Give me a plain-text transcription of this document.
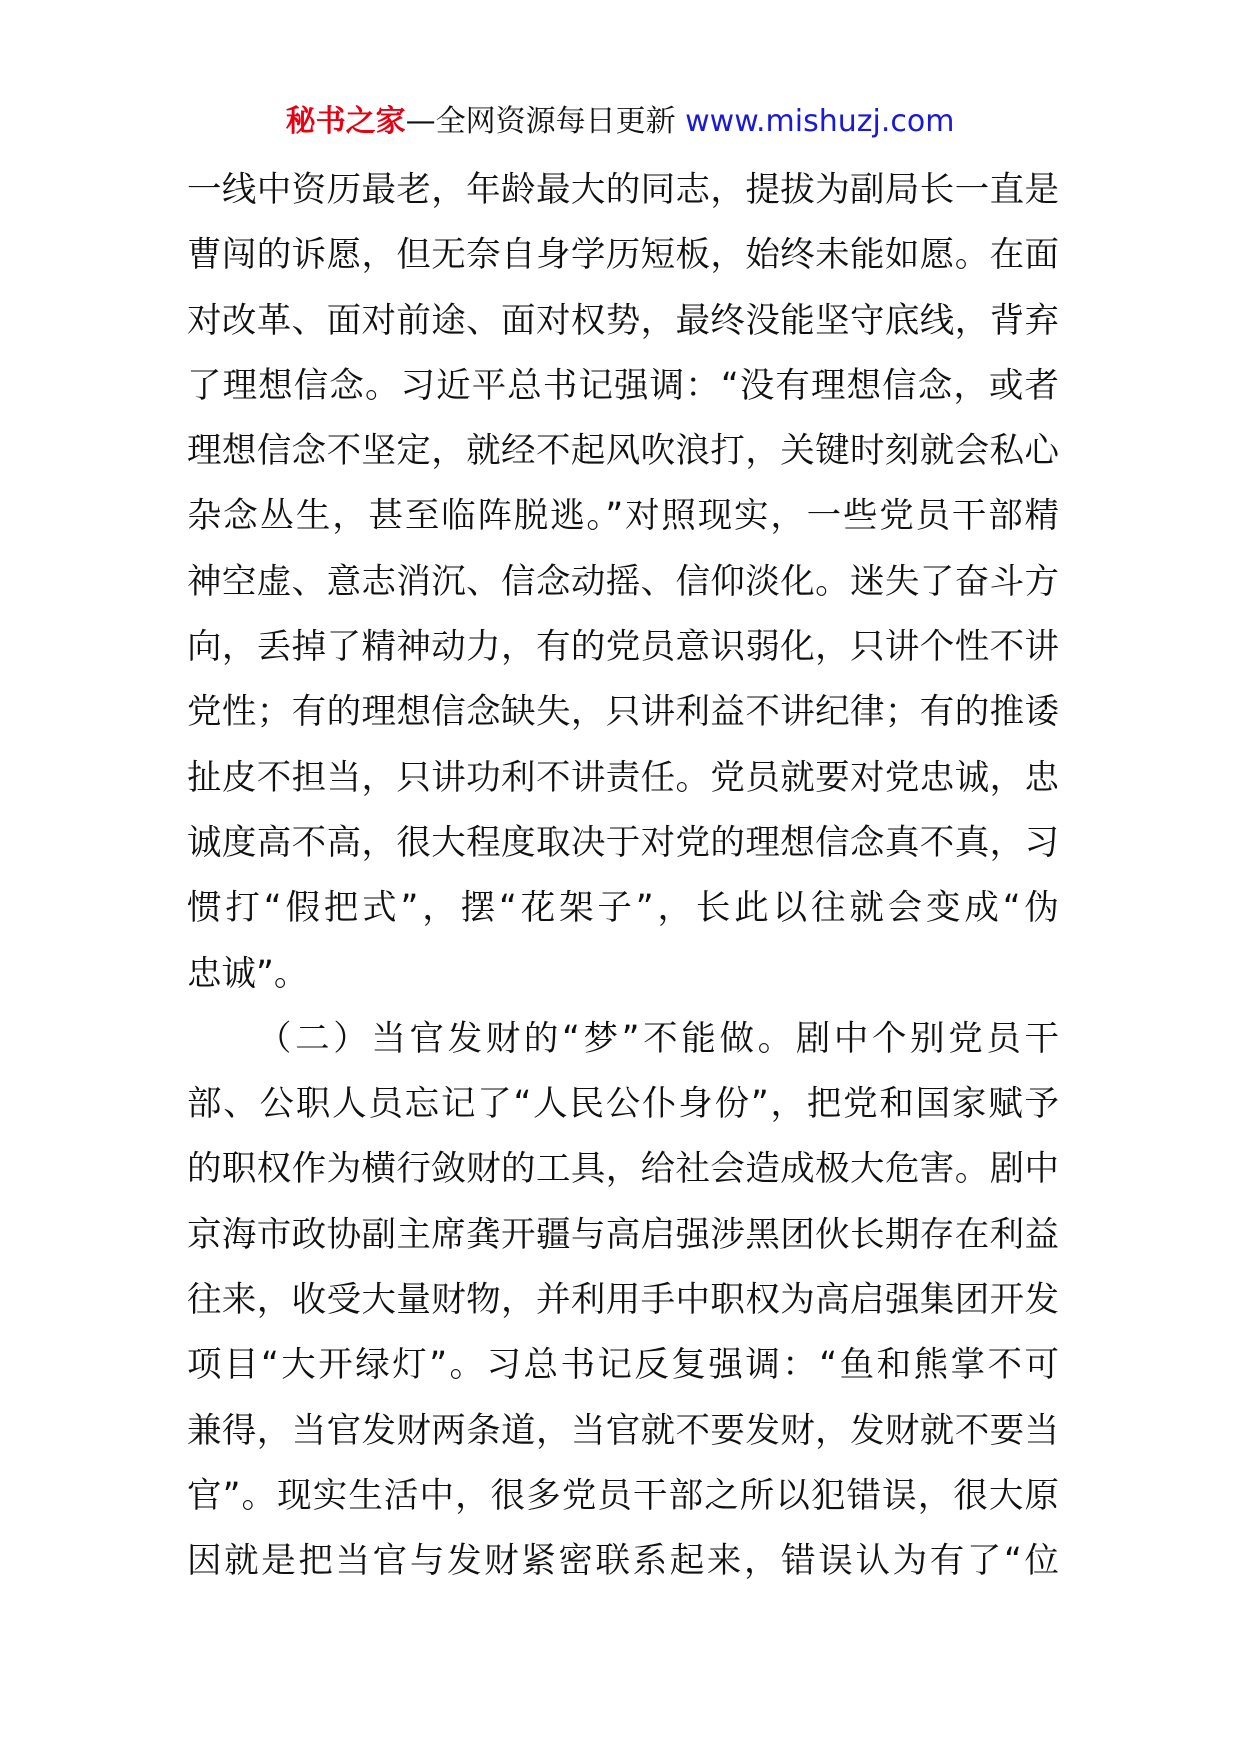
秘书之家—全网资源每日更新 www.mishuzj.com
一线中资历最老，年龄最大的同志，提拔为副局长一直是
曹闯的诉愿，但无奈自身学历短板，始终未能如愿。在面
对改革、面对前途、面对权势，最终没能坚守底线，背弃
了理想信念。习近平总书记强调：“没有理想信念，或者
理想信念不坚定，就经不起风吹浪打，关键时刻就会私心
杂念丛生，甚至临阵脱逃。”对照现实，一些党员干部精
神空虚、意志消沉、信念动摇、信仰淡化。迷失了奋斗方
向，丢掉了精神动力，有的党员意识弱化，只讲个性不讲
党性；有的理想信念缺失，只讲利益不讲纪律；有的推诿
扯皮不担当，只讲功利不讲责任。党员就要对党忠诚，忠
诚度高不高，很大程度取决于对党的理想信念真不真，习
惯打“假把式”，摆“花架子”，长此以往就会变成“伪
忠诚”。
（二）当官发财的“梦”不能做。剧中个别党员干
部、公职人员忘记了“人民公仆身份”，把党和国家赋予
的职权作为横行敛财的工具，给社会造成极大危害。剧中
京海市政协副主席龚开疆与高启强涉黑团伙长期存在利益
往来，收受大量财物，并利用手中职权为高启强集团开发
项目“大开绿灯”。习总书记反复强调：“鱼和熊掌不可
兼得，当官发财两条道，当官就不要发财，发财就不要当
官”。现实生活中，很多党员干部之所以犯错误，很大原
因就是把当官与发财紧密联系起来，错误认为有了“位
